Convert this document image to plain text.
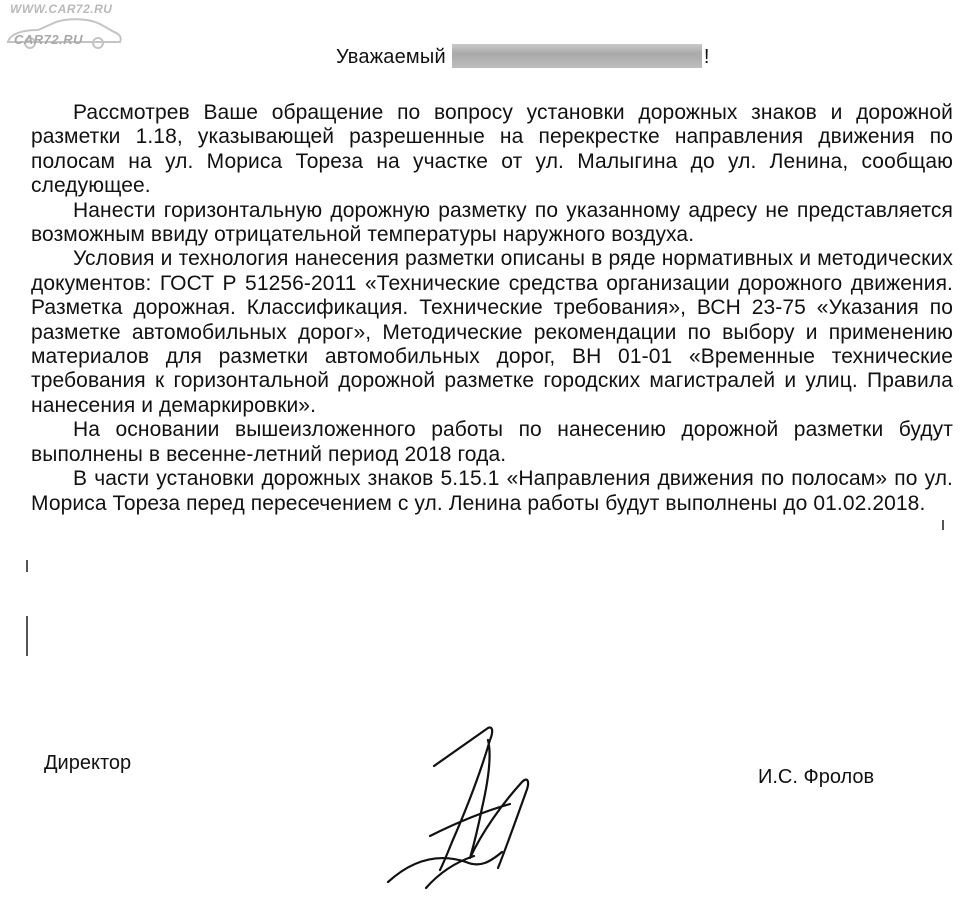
WWW.CAR72.RU
CAR72.RU
Уважаемый	!

Рассмотрев Ваше обращение по вопросу установки дорожных знаков и дорожной разметки 1.18, указывающей разрешенные на перекрестке направления движения по полосам на ул. Мориса Тореза на участке от ул. Малыгина до ул. Ленина, сообщаю следующее.

Нанести горизонтальную дорожную разметку по указанному адресу не представляется возможным ввиду отрицательной температуры наружного воздуха.

Условия и технология нанесения разметки описаны в ряде нормативных и методических документов: ГОСТ Р 51256-2011 «Технические средства организации дорожного движения. Разметка дорожная. Классификация. Технические требования», ВСН 23-75 «Указания по разметке автомобильных дорог», Методические рекомендации по выбору и применению материалов для разметки автомобильных дорог, ВН 01-01 «Временные технические требования к горизонтальной дорожной разметке городских магистралей и улиц. Правила нанесения и демаркировки».

На основании вышеизложенного работы по нанесению дорожной разметки будут выполнены в весенне-летний период 2018 года.

В части установки дорожных знаков 5.15.1 «Направления движения по полосам» по ул. Мориса Тореза перед пересечением с ул. Ленина работы будут выполнены до 01.02.2018.

Директор
И.С. Фролов
